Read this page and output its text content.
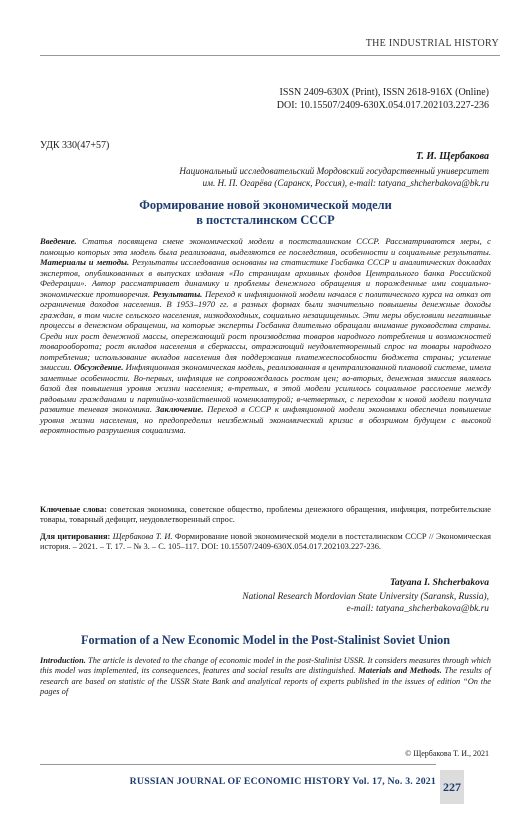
THE INDUSTRIAL HISTORY
ISSN 2409-630X (Print), ISSN 2618-916X (Online)
DOI: 10.15507/2409-630X.054.017.202103.227-236
УДК 330(47+57)
Т. И. Щербакова
Национальный исследовательский Мордовский государственный университет
им. Н. П. Огарёва (Саранск, Россия), e-mail: tatyana_shcherbakova@bk.ru
Формирование новой экономической модели
в постсталинском СССР
Введение. Статья посвящена смене экономической модели в постсталинском СССР. Рассматриваются меры, с помощью которых эта модель была реализована, выделяются ее последствия, особенности и социальные результаты. Материалы и методы. Результаты исследования основаны на статистике Госбанка СССР и аналитических докладах экспертов, опубликованных в выпусках издания «По страницам архивных фондов Центрального банка Российской Федерации». Автор рассматривает динамику и проблемы денежного обращения и порожденные ими социально-экономические противоречия. Результаты. Переход к инфляционной модели начался с политического курса на отказ от ограничения доходов населения. В 1953–1970 гг. в разных формах были значительно повышены денежные доходы граждан, в том числе сельского населения, низкодоходных, социально незащищенных. Эти меры обусловили негативные процессы в денежном обращении, на которые эксперты Госбанка длительно обращали внимание руководства страны. Среди них рост денежной массы, опережающий рост производства товаров народного потребления и возможностей товарооборота; рост вкладов населения в сберкассы, отражающий неудовлетворенный спрос на товары народного потребления; использование вкладов населения для поддержания платежеспособности бюджета страны; усиление эмиссии. Обсуждение. Инфляционная экономическая модель, реализованная в централизованной плановой системе, имела заметные особенности. Во-первых, инфляция не сопровождалась ростом цен; во-вторых, денежная эмиссия являлась базой для повышения уровня жизни населения; в-третьих, в этой модели усилилось социальное расслоение между рядовыми гражданами и партийно-хозяйственной номенклатурой; в-четвертых, с переходом к новой модели получила развитие теневая экономика. Заключение. Переход в СССР к инфляционной модели экономики обеспечил повышение уровня жизни населения, но предопределил неизбежный экономический кризис в обозримом будущем с высокой вероятностью разрушения социализма.
Ключевые слова: советская экономика, советское общество, проблемы денежного обращения, инфляция, потребительские товары, товарный дефицит, неудовлетворенный спрос.
Для цитирования: Щербакова Т. И. Формирование новой экономической модели в постсталинском СССР // Экономическая история. – 2021. – Т. 17. – № 3. – С. 105–117. DOI: 10.15507/2409-630X.054.017.202103.227-236.
Tatyana I. Shcherbakova
National Research Mordovian State University (Saransk, Russia),
e-mail: tatyana_shcherbakova@bk.ru
Formation of a New Economic Model in the Post-Stalinist Soviet Union
Introduction. The article is devoted to the change of economic model in the post-Stalinist USSR. It considers measures through which this model was implemented, its consequences, features and social results are distinguished. Materials and Methods. The results of research are based on statistic of the USSR State Bank and analytical reports of experts published in the issues of edition “On the pages of
© Щербакова Т. И., 2021
RUSSIAN JOURNAL OF ECONOMIC HISTORY Vol. 17, No. 3. 2021 227
